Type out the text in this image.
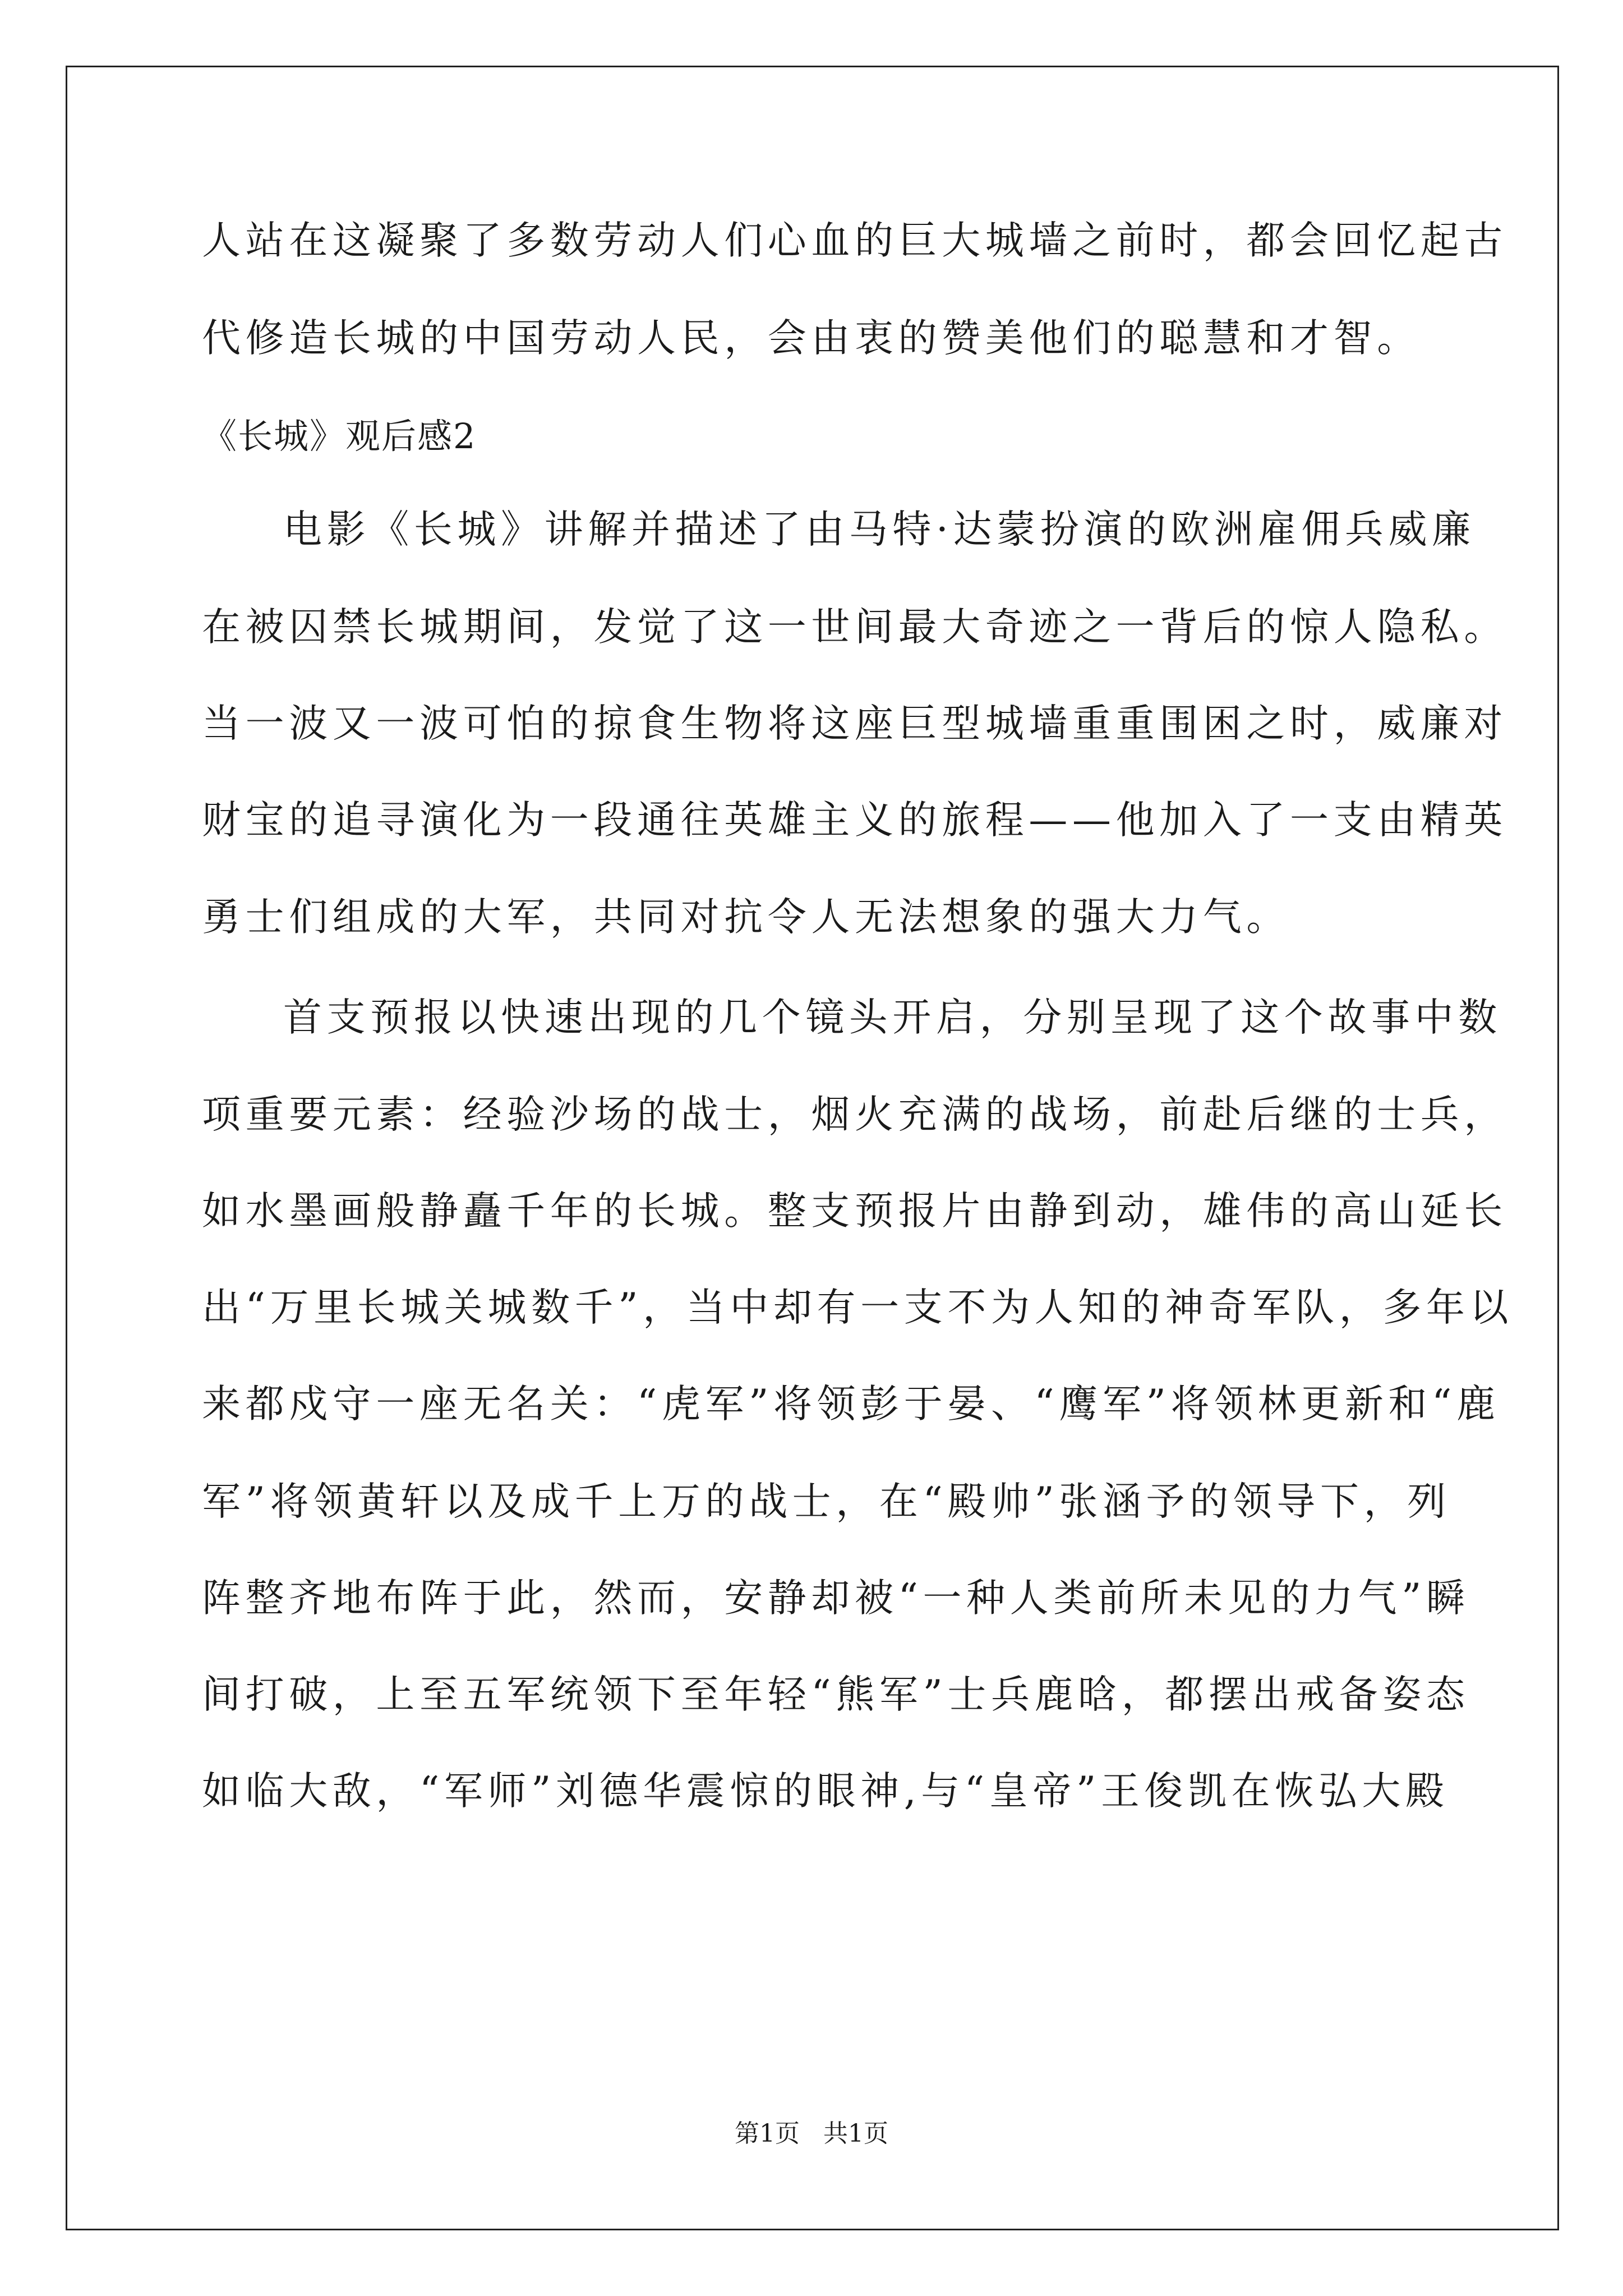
人站在这凝聚了多数劳动人们心血的巨大城墙之前时，都会回忆起古
代修造长城的中国劳动人民，会由衷的赞美他们的聪慧和才智。
《长城》观后感2
电影《长城》讲解并描述了由马特·达蒙扮演的欧洲雇佣兵威廉
在被囚禁长城期间，发觉了这一世间最大奇迹之一背后的惊人隐私。
当一波又一波可怕的掠食生物将这座巨型城墙重重围困之时，威廉对
财宝的追寻演化为一段通往英雄主义的旅程——他加入了一支由精英
勇士们组成的大军，共同对抗令人无法想象的强大力气。
首支预报以快速出现的几个镜头开启，分别呈现了这个故事中数
项重要元素：经验沙场的战士，烟火充满的战场，前赴后继的士兵，
如水墨画般静矗千年的长城。整支预报片由静到动，雄伟的高山延长
出“万里长城关城数千”，当中却有一支不为人知的神奇军队，多年以
来都戍守一座无名关：“虎军”将领彭于晏、“鹰军”将领林更新和“鹿
军”将领黄轩以及成千上万的战士，在“殿帅”张涵予的领导下，列
阵整齐地布阵于此，然而，安静却被“一种人类前所未见的力气”瞬
间打破，上至五军统领下至年轻“熊军”士兵鹿晗，都摆出戒备姿态
如临大敌，“军师”刘德华震惊的眼神,与“皇帝”王俊凯在恢弘大殿
第1页   共1页
